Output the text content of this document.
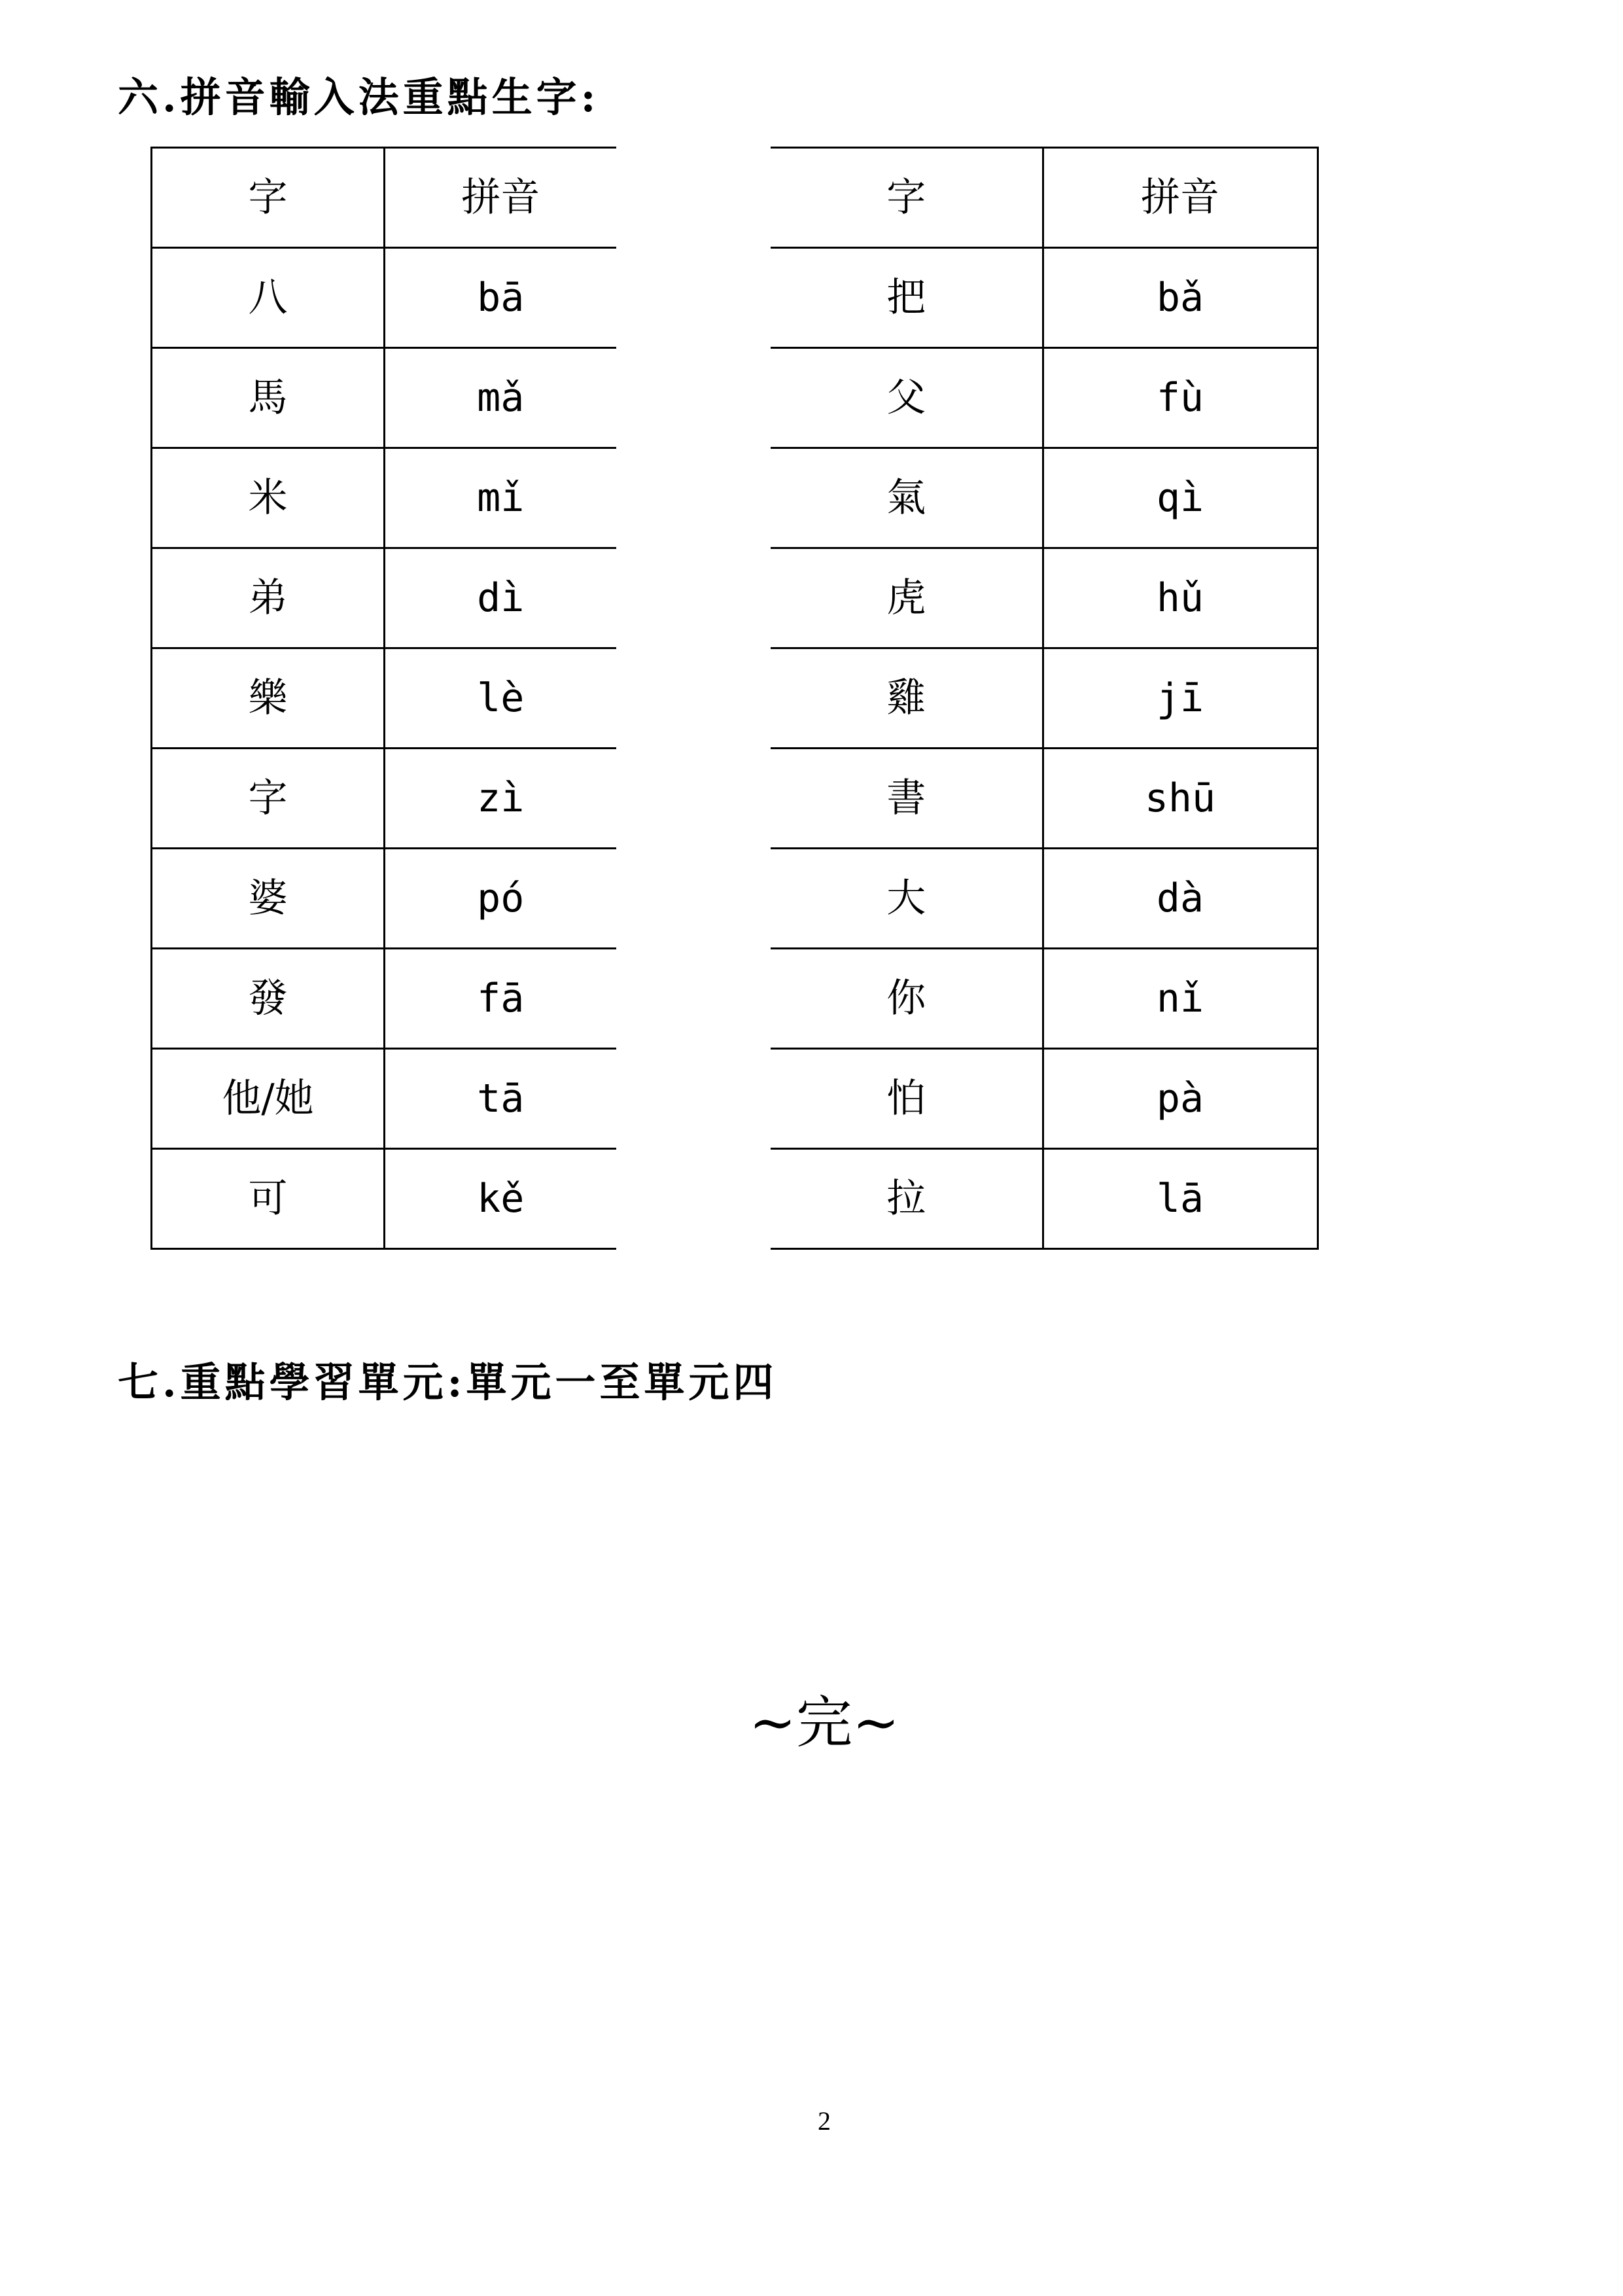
六.拼音輸入法重點生字:
字	拼音
八	bā
馬	mǎ
米	mǐ
弟	dì
樂	lè
字	zì
婆	pó
發	fā
他/她	tā
可	kě
字	拼音
把	bǎ
父	fù
氣	qì
虎	hǔ
雞	jī
書	shū
大	dà
你	nǐ
怕	pà
拉	lā
七.重點學習單元:單元一至單元四
~完~
2
